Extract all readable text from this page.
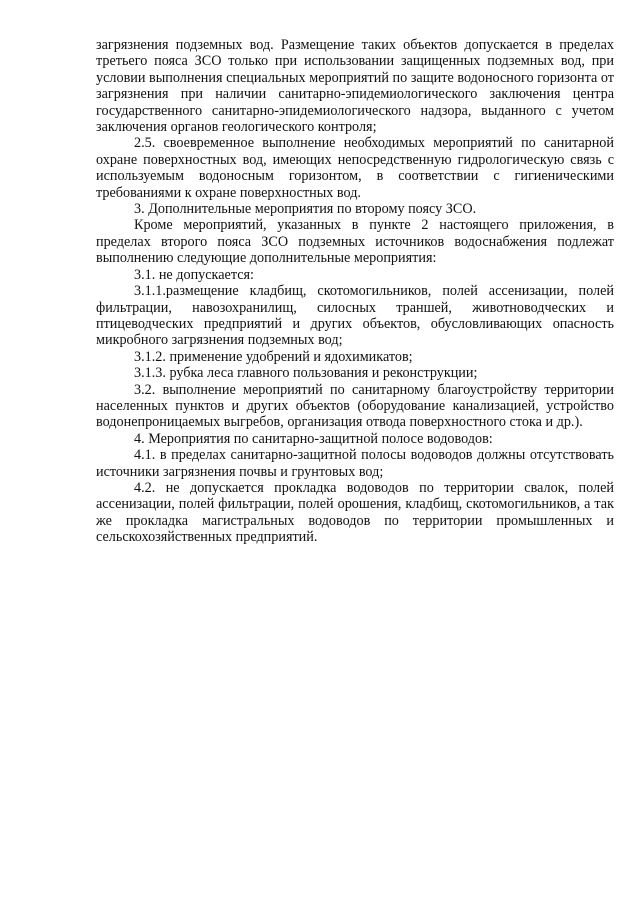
загрязнения подземных вод. Размещение таких объектов допускается в пределах третьего пояса ЗСО только при использовании защищенных подземных вод, при условии выполнения специальных мероприятий по защите водоносного горизонта от загрязнения при наличии санитарно-эпидемиологического заключения центра государственного санитарно-эпидемиологического надзора, выданного с учетом заключения органов геологического контроля;

2.5. своевременное выполнение необходимых мероприятий по санитарной охране поверхностных вод, имеющих непосредственную гидрологическую связь с используемым водоносным горизонтом, в соответствии с гигиеническими требованиями к охране поверхностных вод.

3. Дополнительные мероприятия по второму поясу ЗСО.

Кроме мероприятий, указанных в пункте 2 настоящего приложения, в пределах второго пояса ЗСО подземных источников водоснабжения подлежат выполнению следующие дополнительные мероприятия:

3.1. не допускается:

3.1.1.размещение кладбищ, скотомогильников, полей ассенизации, полей фильтрации, навозохранилищ, силосных траншей, животноводческих и птицеводческих предприятий и других объектов, обусловливающих опасность микробного загрязнения подземных вод;

3.1.2. применение удобрений и ядохимикатов;

3.1.3. рубка леса главного пользования и реконструкции;

3.2. выполнение мероприятий по санитарному благоустройству территории населенных пунктов и других объектов (оборудование канализацией, устройство водонепроницаемых выгребов, организация отвода поверхностного стока и др.).

4. Мероприятия по санитарно-защитной полосе водоводов:

4.1. в пределах санитарно-защитной полосы водоводов должны отсутствовать источники загрязнения почвы и грунтовых вод;

4.2. не допускается прокладка водоводов по территории свалок, полей ассенизации, полей фильтрации, полей орошения, кладбищ, скотомогильников, а так же прокладка магистральных водоводов по территории промышленных и сельскохозяйственных предприятий.
